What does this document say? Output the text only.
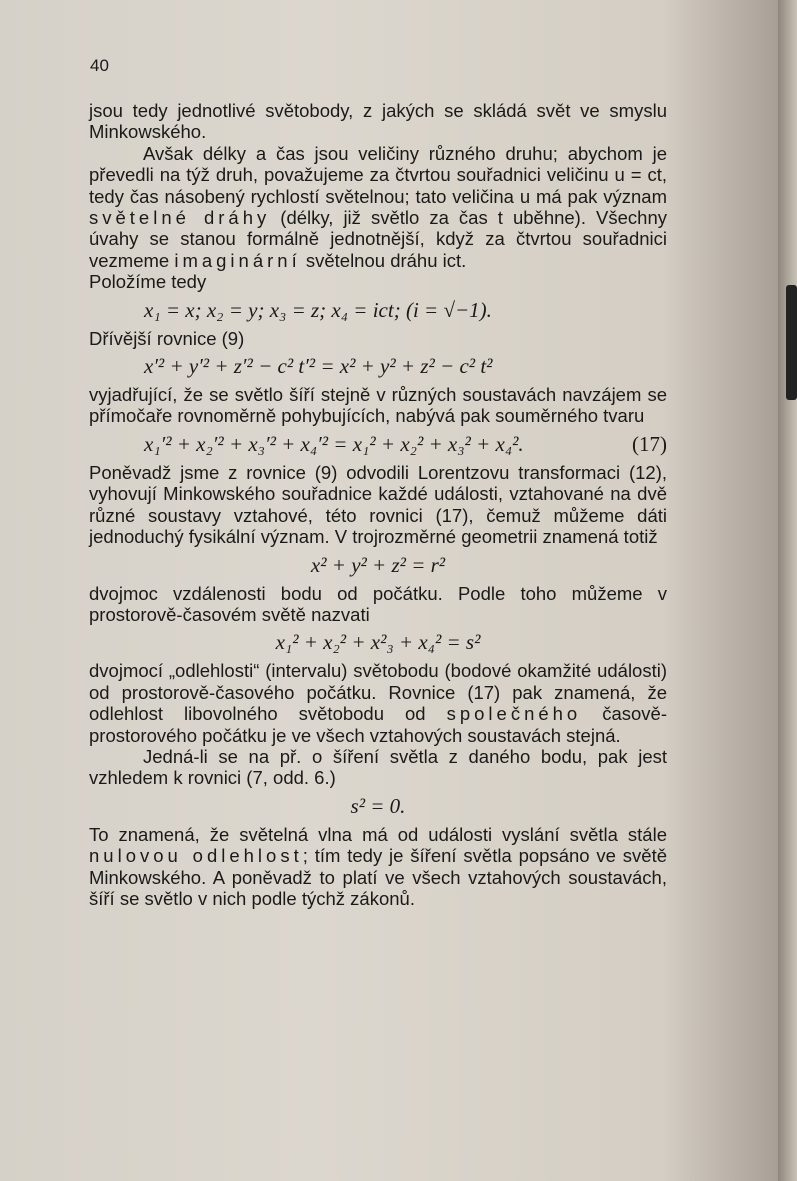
40

jsou tedy jednotlivé světobody, z jakých se skládá svět ve smyslu Minkowského.

Avšak délky a čas jsou veličiny různého druhu; abychom je převedli na týž druh, považujeme za čtvrtou souřadnici veličinu u = ct, tedy čas násobený rychlostí světelnou; tato veličina u má pak význam světelné dráhy (délky, již světlo za čas t uběhne). Všechny úvahy se stanou formálně jednotnější, když za čtvrtou souřadnici vezmeme imaginární světelnou dráhu ict.

Položíme tedy

x₁ = x; x₂ = y; x₃ = z; x₄ = ict; (i = √−1).

Dřívější rovnice (9)

x′² + y′² + z′² − c² t′² = x² + y² + z² − c² t²

vyjadřující, že se světlo šíří stejně v různých soustavách navzájem se přímočaře rovnoměrně pohybujících, nabývá pak souměrného tvaru

x₁′² + x₂′² + x₃′² + x₄′² = x₁² + x₂² + x₃² + x₄².	(17)

Poněvadž jsme z rovnice (9) odvodili Lorentzovu transformaci (12), vyhovují Minkowského souřadnice každé události, vztahované na dvě různé soustavy vztahové, této rovnici (17), čemuž můžeme dáti jednoduchý fysikální význam. V trojrozměrné geometrii znamená totiž

x² + y² + z² = r²

dvojmoc vzdálenosti bodu od počátku. Podle toho můžeme v prostorově-časovém světě nazvati

x₁² + x₂² + x²₃ + x₄² = s²

dvojmocí „odlehlosti“ (intervalu) světobodu (bodové okamžité události) od prostorově-časového počátku. Rovnice (17) pak znamená, že odlehlost libovolného světobodu od společného časově-prostorového počátku je ve všech vztahových soustavách stejná.

Jedná-li se na př. o šíření světla z daného bodu, pak jest vzhledem k rovnici (7, odd. 6.)

s² = 0.

To znamená, že světelná vlna má od události vyslání světla stále nulovou odlehlost; tím tedy je šíření světla popsáno ve světě Minkowského. A poněvadž to platí ve všech vztahových soustavách, šíří se světlo v nich podle týchž zákonů.
